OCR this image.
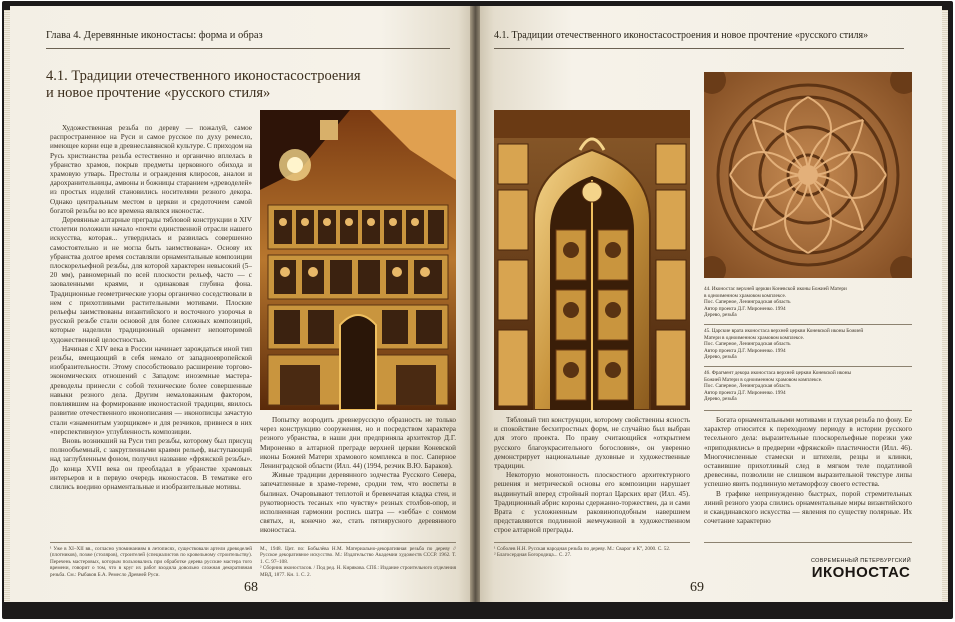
Глава 4. Деревянные иконостасы: форма и образ
4.1. Традиции отечественного иконостасостроения
и новое прочтение «русского стиля»

Художественная резьба по дереву — пожалуй, самое распространенное на Руси и самое русское по духу ремесло, имеющее корни еще в древнеславянской культуре. С приходом на Русь христианства резьба естественно и органично вплелась в убранство храмов, покрыв предметы церковного обихода и храмовую утварь. Престолы и ограждения клиросов, аналои и дарохранительницы, амвоны и божницы старанием «древоделей» из простых изделий становились носителями резного декора. Однако центральным местом в церкви и средоточием самой богатой резьбы во все времена являлся иконостас.

Деревянные алтарные преграды тябловой конструкции в XIV столетии положили начало «почти единственной отрасли нашего искусства, которая... утвердилась и развилась совершенно самостоятельно и не могла быть заимствована». Основу их убранства долгое время составляли орнаментальные композиции плоскорельефной резьбы, для которой характерен невысокий (5–20 мм), равномерный по всей плоскости рельеф, часто — с заоваленными краями, и одинаковая глубина фона. Традиционные геометрические узоры органично соседствовали в нем с прихотливыми растительными мотивами. Плоские рельефы заимствованы византийского и восточного узорочья в русской резьбе стали основой для более сложных композиций, которые наделили традиционный орнамент неповторимой художественной целостностью.

Начиная с XIV века в России начинает зарождаться иной тип резьбы, вмещающий в себя немало от западноевропейской изобразительности. Этому способствовало расширение торгово-экономических отношений с Западом: иноземные мастера-древоделы принесли с собой технические более совершенные навыки резного дела. Другим немаловажным фактором, повлиявшим на формирование иконостасной традиции, явилось развитие отечественного иконописания — иконописцы зачастую стали «знаменитым узорщиком» и для резчиков, привнеся в них «перспективную» углубленность композиции.

Вновь возникший на Руси тип резьбы, которому был присущ полнообъемный, с закругленными краями рельеф, выступающий над заглубленным фоном, получил название «фряжской резьбы». До конца XVII века он преобладал в убранстве храмовых интерьеров и в первую очередь иконостасов. В тематике его слились воедино орнаментальные и изобразительные мотивы.

Попытку возродить древнерусскую образность не только через конструкцию сооружения, но и посредством характера резного убранства, в наши дни предприняла архитектор Д.Г. Мироненко в алтарной преграде верхней церкви Коневской иконы Божией Матери храмового комплекса в пос. Саперное Ленинградской области (Илл. 44) (1994, резчик В.Ю. Бараков).

Живые традиции деревянного зодчества Русского Севера, запечатленные в храме-тереме, сродни тем, что воспеты в былинах. Очаровывают теплотой и бревенчатая кладка стен, и рукотворность тесаных «по чувству» резных столбов-опор, и исполненная гармонии роспись шатра — «зебба» с сонмом святых, и, конечно же, стать пятиярусного деревянного иконостаса.

¹ Уже в XI–XII вв., согласно упоминаниям в летописях, существовали артели древоделей (плотников), позже (столяров), строителей (специалистов по кровельному строительству). Перечень мастеровых, которым пользовались при обработке дерева русские мастера того времени, говорит о том, что в круг их работ входила довольно сложная декоративная резьба. См.: Рыбаков Б.А. Ремесло Древней Руси.
М., 1948. Цит. по: Бобылёва Н.М. Материально-декоративная резьба по дереву // Русское декоративное искусство. М.: Издательство Академии художеств СССР. 1962. Т. 1. С. 97–108.
² Сборник иконостасов. / Под ред. Н. Кирякова. СПб.: Издание строительного отделения МВД, 1877. Кн. 1. С. 2.
68
4.1. Традиции отечественного иконостасостроения и новое прочтение «русского стиля»

Тябловый тип конструкции, которому свойственны ясность и спокойствие бесхитростных форм, не случайно был выбран для этого проекта. По праву считающийся «открытием русского благоукрасительного богословия», он уверенно демонстрирует национальные духовные и художественные традиции.

Некоторую монотонность плоскостного архитектурного решения и метрической основы его композиции нарушает выдвинутый вперед стройный портал Царских врат (Илл. 45). Традиционный абрис короны сдержанно-торжествен, да и сами Врата с усложненным раковиноподобным навершием представляются подлинной жемчужиной в художественном строе алтарной преграды.

44. Иконостас верхней церкви Коневской иконы Божией Матери
в одноименном храмовом комплексе.
Пос. Саперное, Ленинградская область
Автор проекта Д.Г. Мироненко. 1994
Дерево, резьба
45. Царские врата иконостаса верхней церкви Коневской иконы Божией
Матери в одноименном храмовом комплексе.
Пос. Саперное, Ленинградская область
Автор проекта Д.Г. Мироненко. 1994
Дерево, резьба
46. Фрагмент декора иконостаса верхней церкви Коневской иконы
Божией Матери в одноименном храмовом комплексе.
Пос. Саперное, Ленинградская область
Автор проекта Д.Г. Мироненко. 1994
Дерево, резьба

Богата орнаментальными мотивами и глухая резьба по фону. Ее характер относится к переходному периоду в истории русского тесельного дела: выразительные плоскорельефные порезки уже «приподнялись» в предверии «фряжской» пластичности (Илл. 46). Многочисленные стамески и штихели, резцы и клинки, оставившие прихотливый след в мягком теле податливой древесины, позволили не слишком выразительной текстуре липы успешно явить подлинную метаморфозу своего естества.

В графике непринужденно быстрых, порой стремительных линий резного узора слились орнаментальные миры византийского и скандинавского искусства — явления по существу полярные. Их сочетание характерно

¹ Соболев Н.Н. Русская народная резьба по дереву. М.: Сварог и К°, 2000. С. 52.
² Благосердная Богородица... С. 27.
69
СОВРЕМЕННЫЙ ПЕТЕРБУРГСКИЙ
ИКОНОСТАС
